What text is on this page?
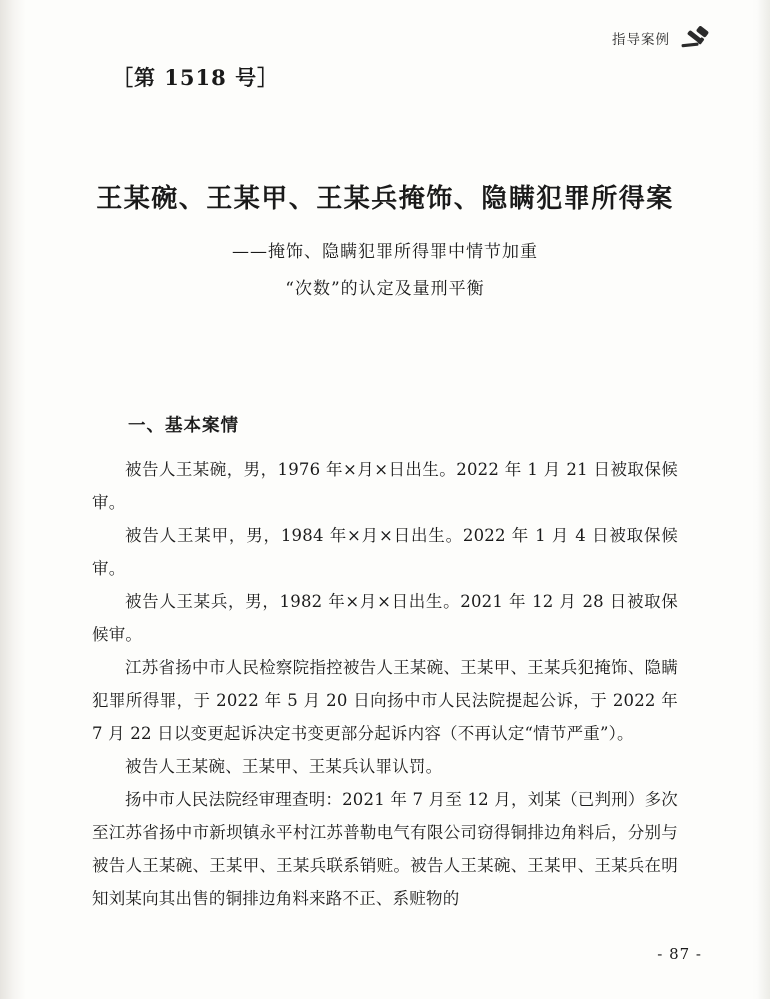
指导案例
［第 1518 号］
王某碗、王某甲、王某兵掩饰、隐瞒犯罪所得案
——掩饰、隐瞒犯罪所得罪中情节加重
“次数”的认定及量刑平衡
一、基本案情

被告人王某碗，男，1976 年×月×日出生。2022 年 1 月 21 日被取保候审。

被告人王某甲，男，1984 年×月×日出生。2022 年 1 月 4 日被取保候审。

被告人王某兵，男，1982 年×月×日出生。2021 年 12 月 28 日被取保候审。

江苏省扬中市人民检察院指控被告人王某碗、王某甲、王某兵犯掩饰、隐瞒犯罪所得罪，于 2022 年 5 月 20 日向扬中市人民法院提起公诉，于 2022 年 7 月 22 日以变更起诉决定书变更部分起诉内容（不再认定“情节严重”）。

被告人王某碗、王某甲、王某兵认罪认罚。

扬中市人民法院经审理查明：2021 年 7 月至 12 月，刘某（已判刑）多次至江苏省扬中市新坝镇永平村江苏普勒电气有限公司窃得铜排边角料后，分别与被告人王某碗、王某甲、王某兵联系销赃。被告人王某碗、王某甲、王某兵在明知刘某向其出售的铜排边角料来路不正、系赃物的

- 87 -
